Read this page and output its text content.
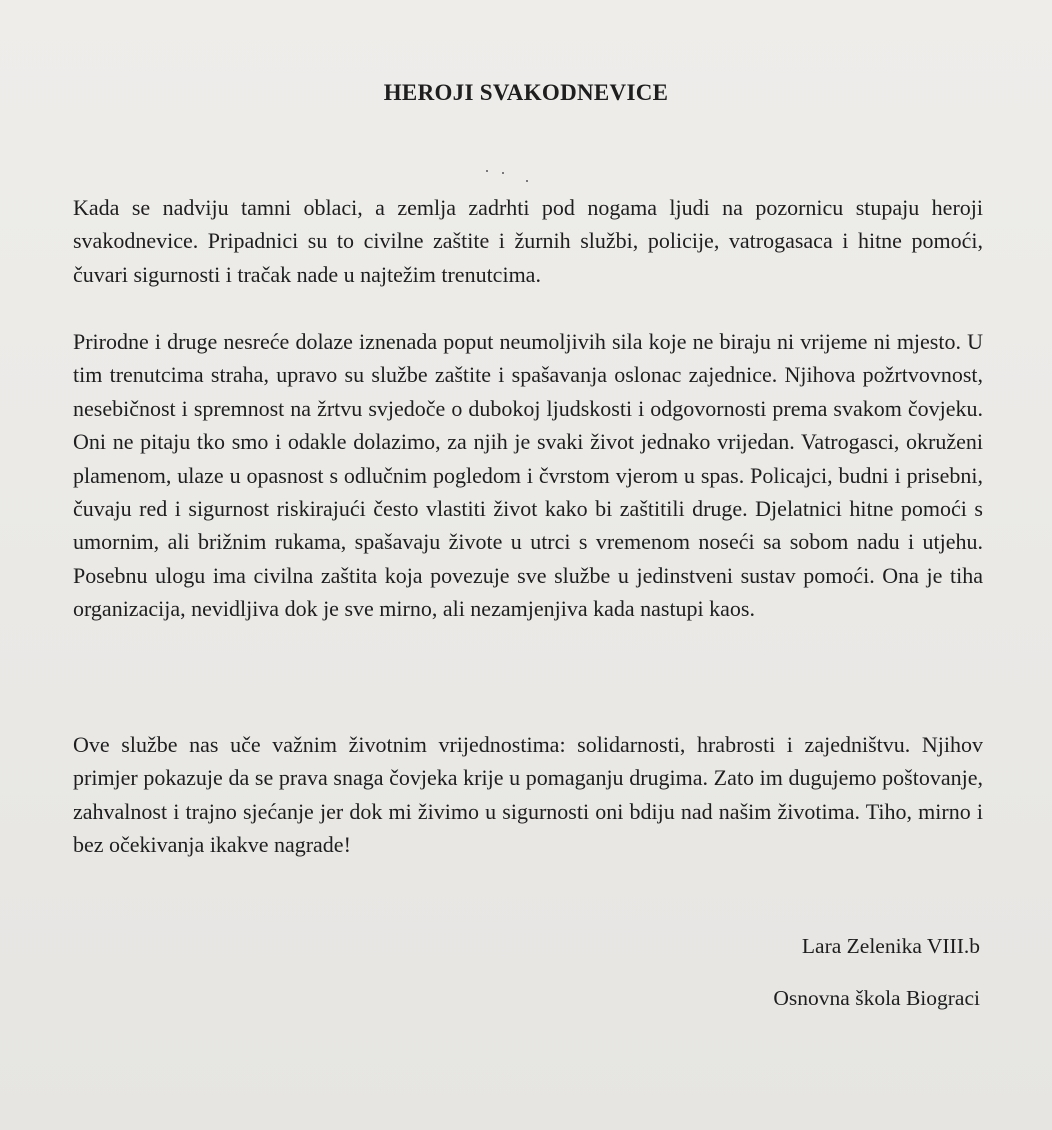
HEROJI SVAKODNEVICE

Kada se nadviju tamni oblaci, a zemlja zadrhti pod nogama ljudi na pozornicu stupaju heroji svakodnevice. Pripadnici su to civilne zaštite i žurnih službi, policije, vatrogasaca i hitne pomoći, čuvari sigurnosti i tračak nade u najtežim trenutcima.

Prirodne i druge nesreće dolaze iznenada poput neumoljivih sila koje ne biraju ni vrijeme ni mjesto. U tim trenutcima straha, upravo su službe zaštite i spašavanja oslonac zajednice. Njihova požrtvovnost, nesebičnost i spremnost na žrtvu svjedoče o dubokoj ljudskosti i odgovornosti prema svakom čovjeku. Oni ne pitaju tko smo i odakle dolazimo, za njih je svaki život jednako vrijedan. Vatrogasci, okruženi plamenom, ulaze u opasnost s odlučnim pogledom i čvrstom vjerom u spas. Policajci, budni i prisebni, čuvaju red i sigurnost riskirajući često vlastiti život kako bi zaštitili druge. Djelatnici hitne pomoći s umornim, ali brižnim rukama, spašavaju živote u utrci s vremenom noseći sa sobom nadu i utjehu. Posebnu ulogu ima civilna zaštita koja povezuje sve službe u jedinstveni sustav pomoći. Ona je tiha organizacija, nevidljiva dok je sve mirno, ali nezamjenjiva kada nastupi kaos.

Ove službe nas uče važnim životnim vrijednostima: solidarnosti, hrabrosti i zajedništvu. Njihov primjer pokazuje da se prava snaga čovjeka krije u pomaganju drugima. Zato im dugujemo poštovanje, zahvalnost i trajno sjećanje jer dok mi živimo u sigurnosti oni bdiju nad našim životima. Tiho, mirno i bez očekivanja ikakve nagrade!

Lara Zelenika VIII.b
Osnovna škola Biograci
